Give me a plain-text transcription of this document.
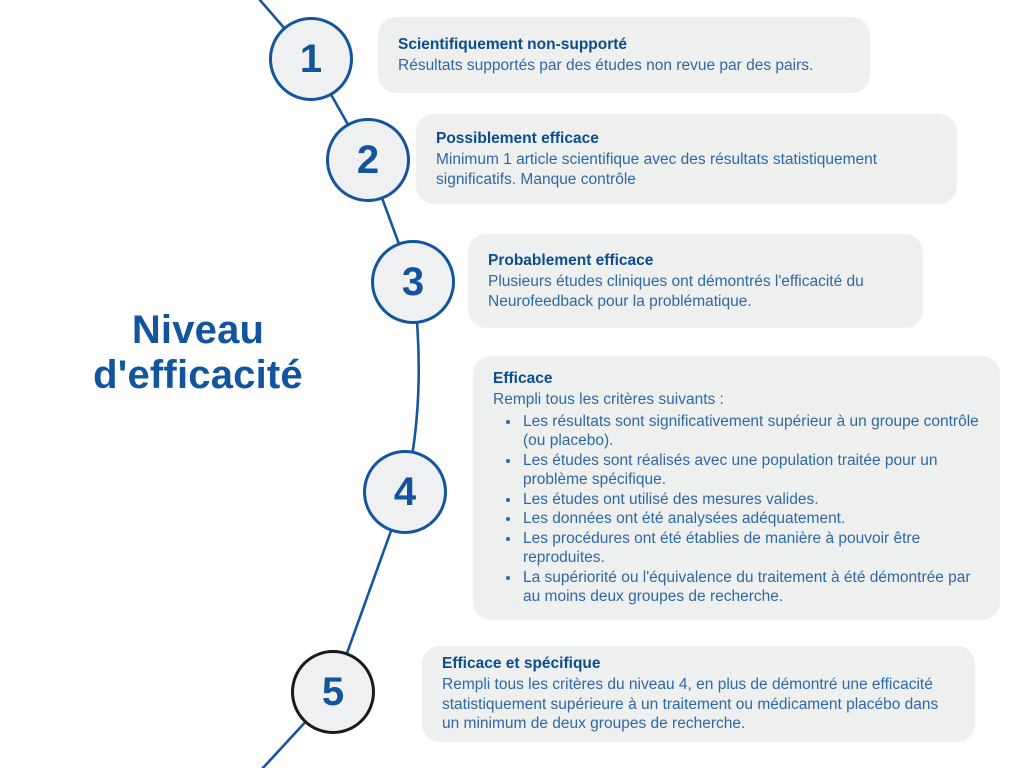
Niveau
d'efficacité
1
2
3
4
5
Scientifiquement non-supporté

Résultats supportés par des études non revue par des pairs.

Possiblement efficace

Minimum 1 article scientifique avec des résultats statistiquement significatifs. Manque contrôle

Probablement efficace

Plusieurs études cliniques ont démontrés l'efficacité du Neurofeedback pour la problématique.

Efficace

Rempli tous les critères suivants :

• Les résultats sont significativement supérieur à un groupe contrôle (ou placebo).
• Les études sont réalisés avec une population traitée pour un problème spécifique.
• Les études ont utilisé des mesures valides.
• Les données ont été analysées adéquatement.
• Les procédures ont été établies de manière à pouvoir être reproduites.
• La supériorité ou l'équivalence du traitement à été démontrée par au moins deux groupes de recherche.
Efficace et spécifique

Rempli tous les critères du niveau 4, en plus de démontré une efficacité statistiquement supérieure à un traitement ou médicament placébo dans un minimum de deux groupes de recherche.
